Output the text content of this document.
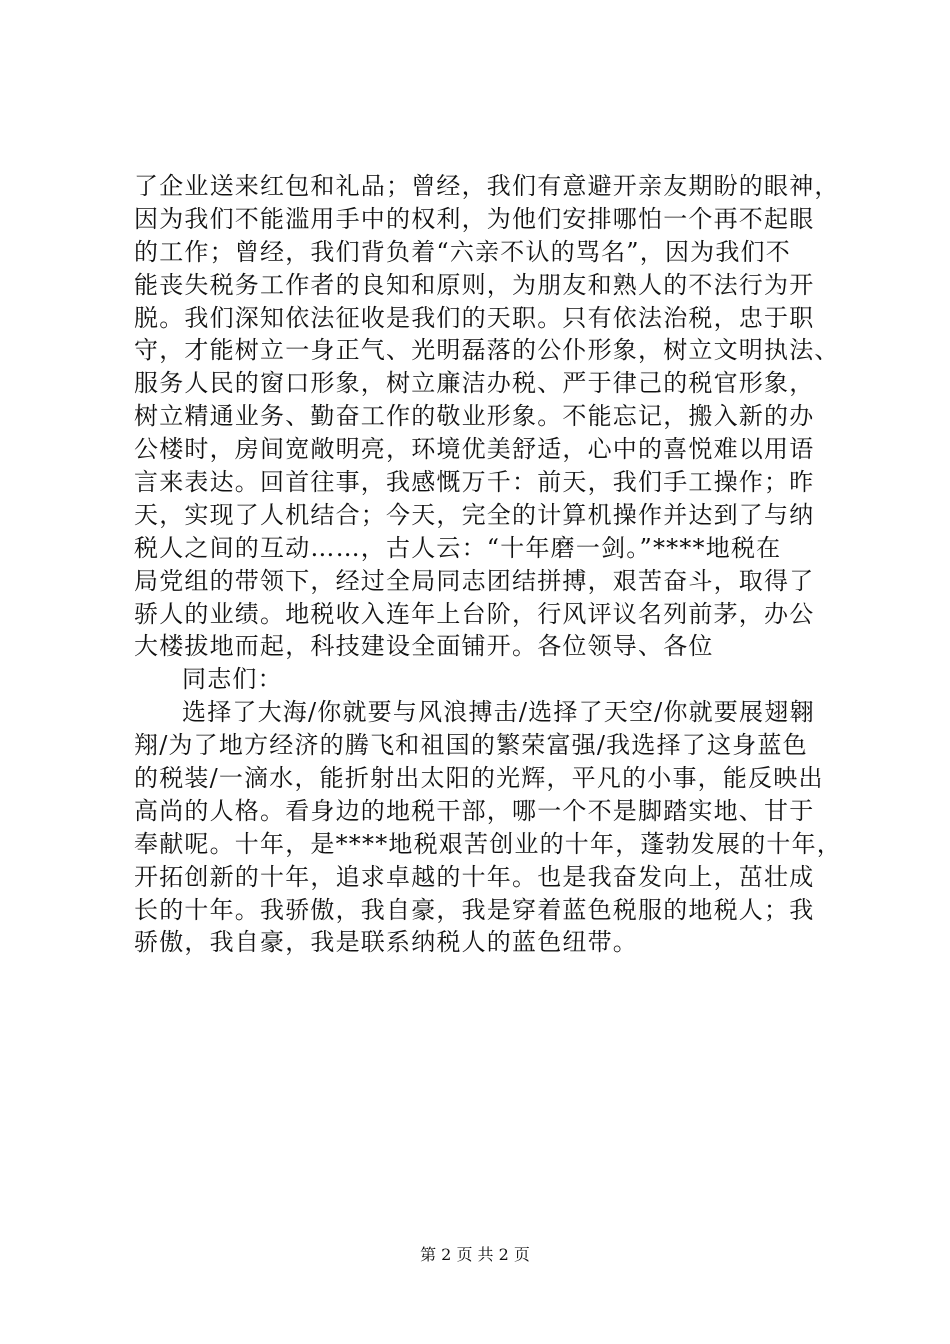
了企业送来红包和礼品；曾经，我们有意避开亲友期盼的眼神，
因为我们不能滥用手中的权利，为他们安排哪怕一个再不起眼
的工作；曾经，我们背负着“六亲不认的骂名”，因为我们不
能丧失税务工作者的良知和原则，为朋友和熟人的不法行为开
脱。我们深知依法征收是我们的天职。只有依法治税，忠于职
守，才能树立一身正气、光明磊落的公仆形象，树立文明执法、
服务人民的窗口形象，树立廉洁办税、严于律己的税官形象，
树立精通业务、勤奋工作的敬业形象。不能忘记，搬入新的办
公楼时，房间宽敞明亮，环境优美舒适，心中的喜悦难以用语
言来表达。回首往事，我感慨万千：前天，我们手工操作；昨
天，实现了人机结合；今天，完全的计算机操作并达到了与纳
税人之间的互动……，古人云：“十年磨一剑。”****地税在
局党组的带领下，经过全局同志团结拼搏，艰苦奋斗，取得了
骄人的业绩。地税收入连年上台阶，行风评议名列前茅，办公
大楼拔地而起，科技建设全面铺开。各位领导、各位
同志们：
选择了大海/你就要与风浪搏击/选择了天空/你就要展翅翱
翔/为了地方经济的腾飞和祖国的繁荣富强/我选择了这身蓝色
的税装/一滴水，能折射出太阳的光辉，平凡的小事，能反映出
高尚的人格。看身边的地税干部，哪一个不是脚踏实地、甘于
奉献呢。十年，是****地税艰苦创业的十年，蓬勃发展的十年，
开拓创新的十年，追求卓越的十年。也是我奋发向上，茁壮成
长的十年。我骄傲，我自豪，我是穿着蓝色税服的地税人；我
骄傲，我自豪，我是联系纳税人的蓝色纽带。
第 2 页 共 2 页
